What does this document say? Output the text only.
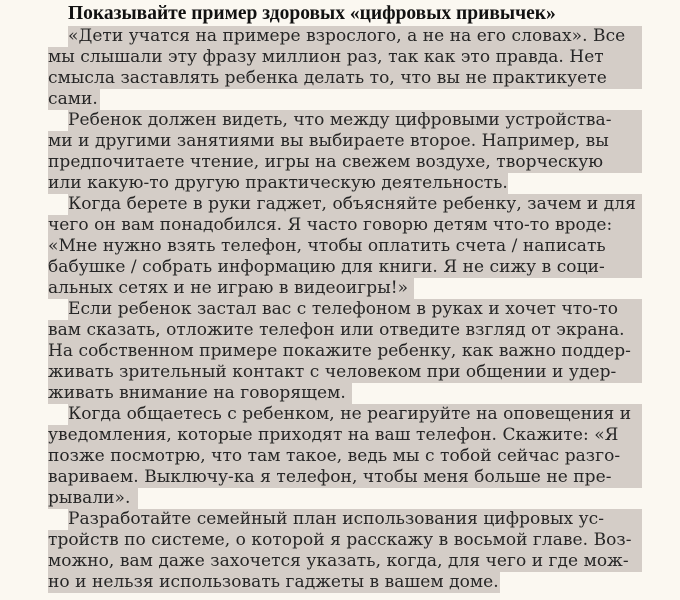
Показывайте пример здоровых «цифровых привычек»
«Дети учатся на примере взрослого, а не на его словах». Все
мы слышали эту фразу миллион раз, так как это правда. Нет
смысла заставлять ребенка делать то, что вы не практикуете
сами.
Ребенок должен видеть, что между цифровыми устройства-
ми и другими занятиями вы выбираете второе. Например, вы
предпочитаете чтение, игры на свежем воздухе, творческую
или какую-то другую практическую деятельность.
Когда берете в руки гаджет, объясняйте ребенку, зачем и для
чего он вам понадобился. Я часто говорю детям что-то вроде:
«Мне нужно взять телефон, чтобы оплатить счета / написать
бабушке / собрать информацию для книги. Я не сижу в соци-
альных сетях и не играю в видеоигры!»
Если ребенок застал вас с телефоном в руках и хочет что-то
вам сказать, отложите телефон или отведите взгляд от экрана.
На собственном примере покажите ребенку, как важно поддер-
живать зрительный контакт с человеком при общении и удер-
живать внимание на говорящем.
Когда общаетесь с ребенком, не реагируйте на оповещения и
уведомления, которые приходят на ваш телефон. Скажите: «Я
позже посмотрю, что там такое, ведь мы с тобой сейчас разго-
вариваем. Выключу-ка я телефон, чтобы меня больше не пре-
рывали».
Разработайте семейный план использования цифровых ус-
тройств по системе, о которой я расскажу в восьмой главе. Воз-
можно, вам даже захочется указать, когда, для чего и где мож-
но и нельзя использовать гаджеты в вашем доме.
